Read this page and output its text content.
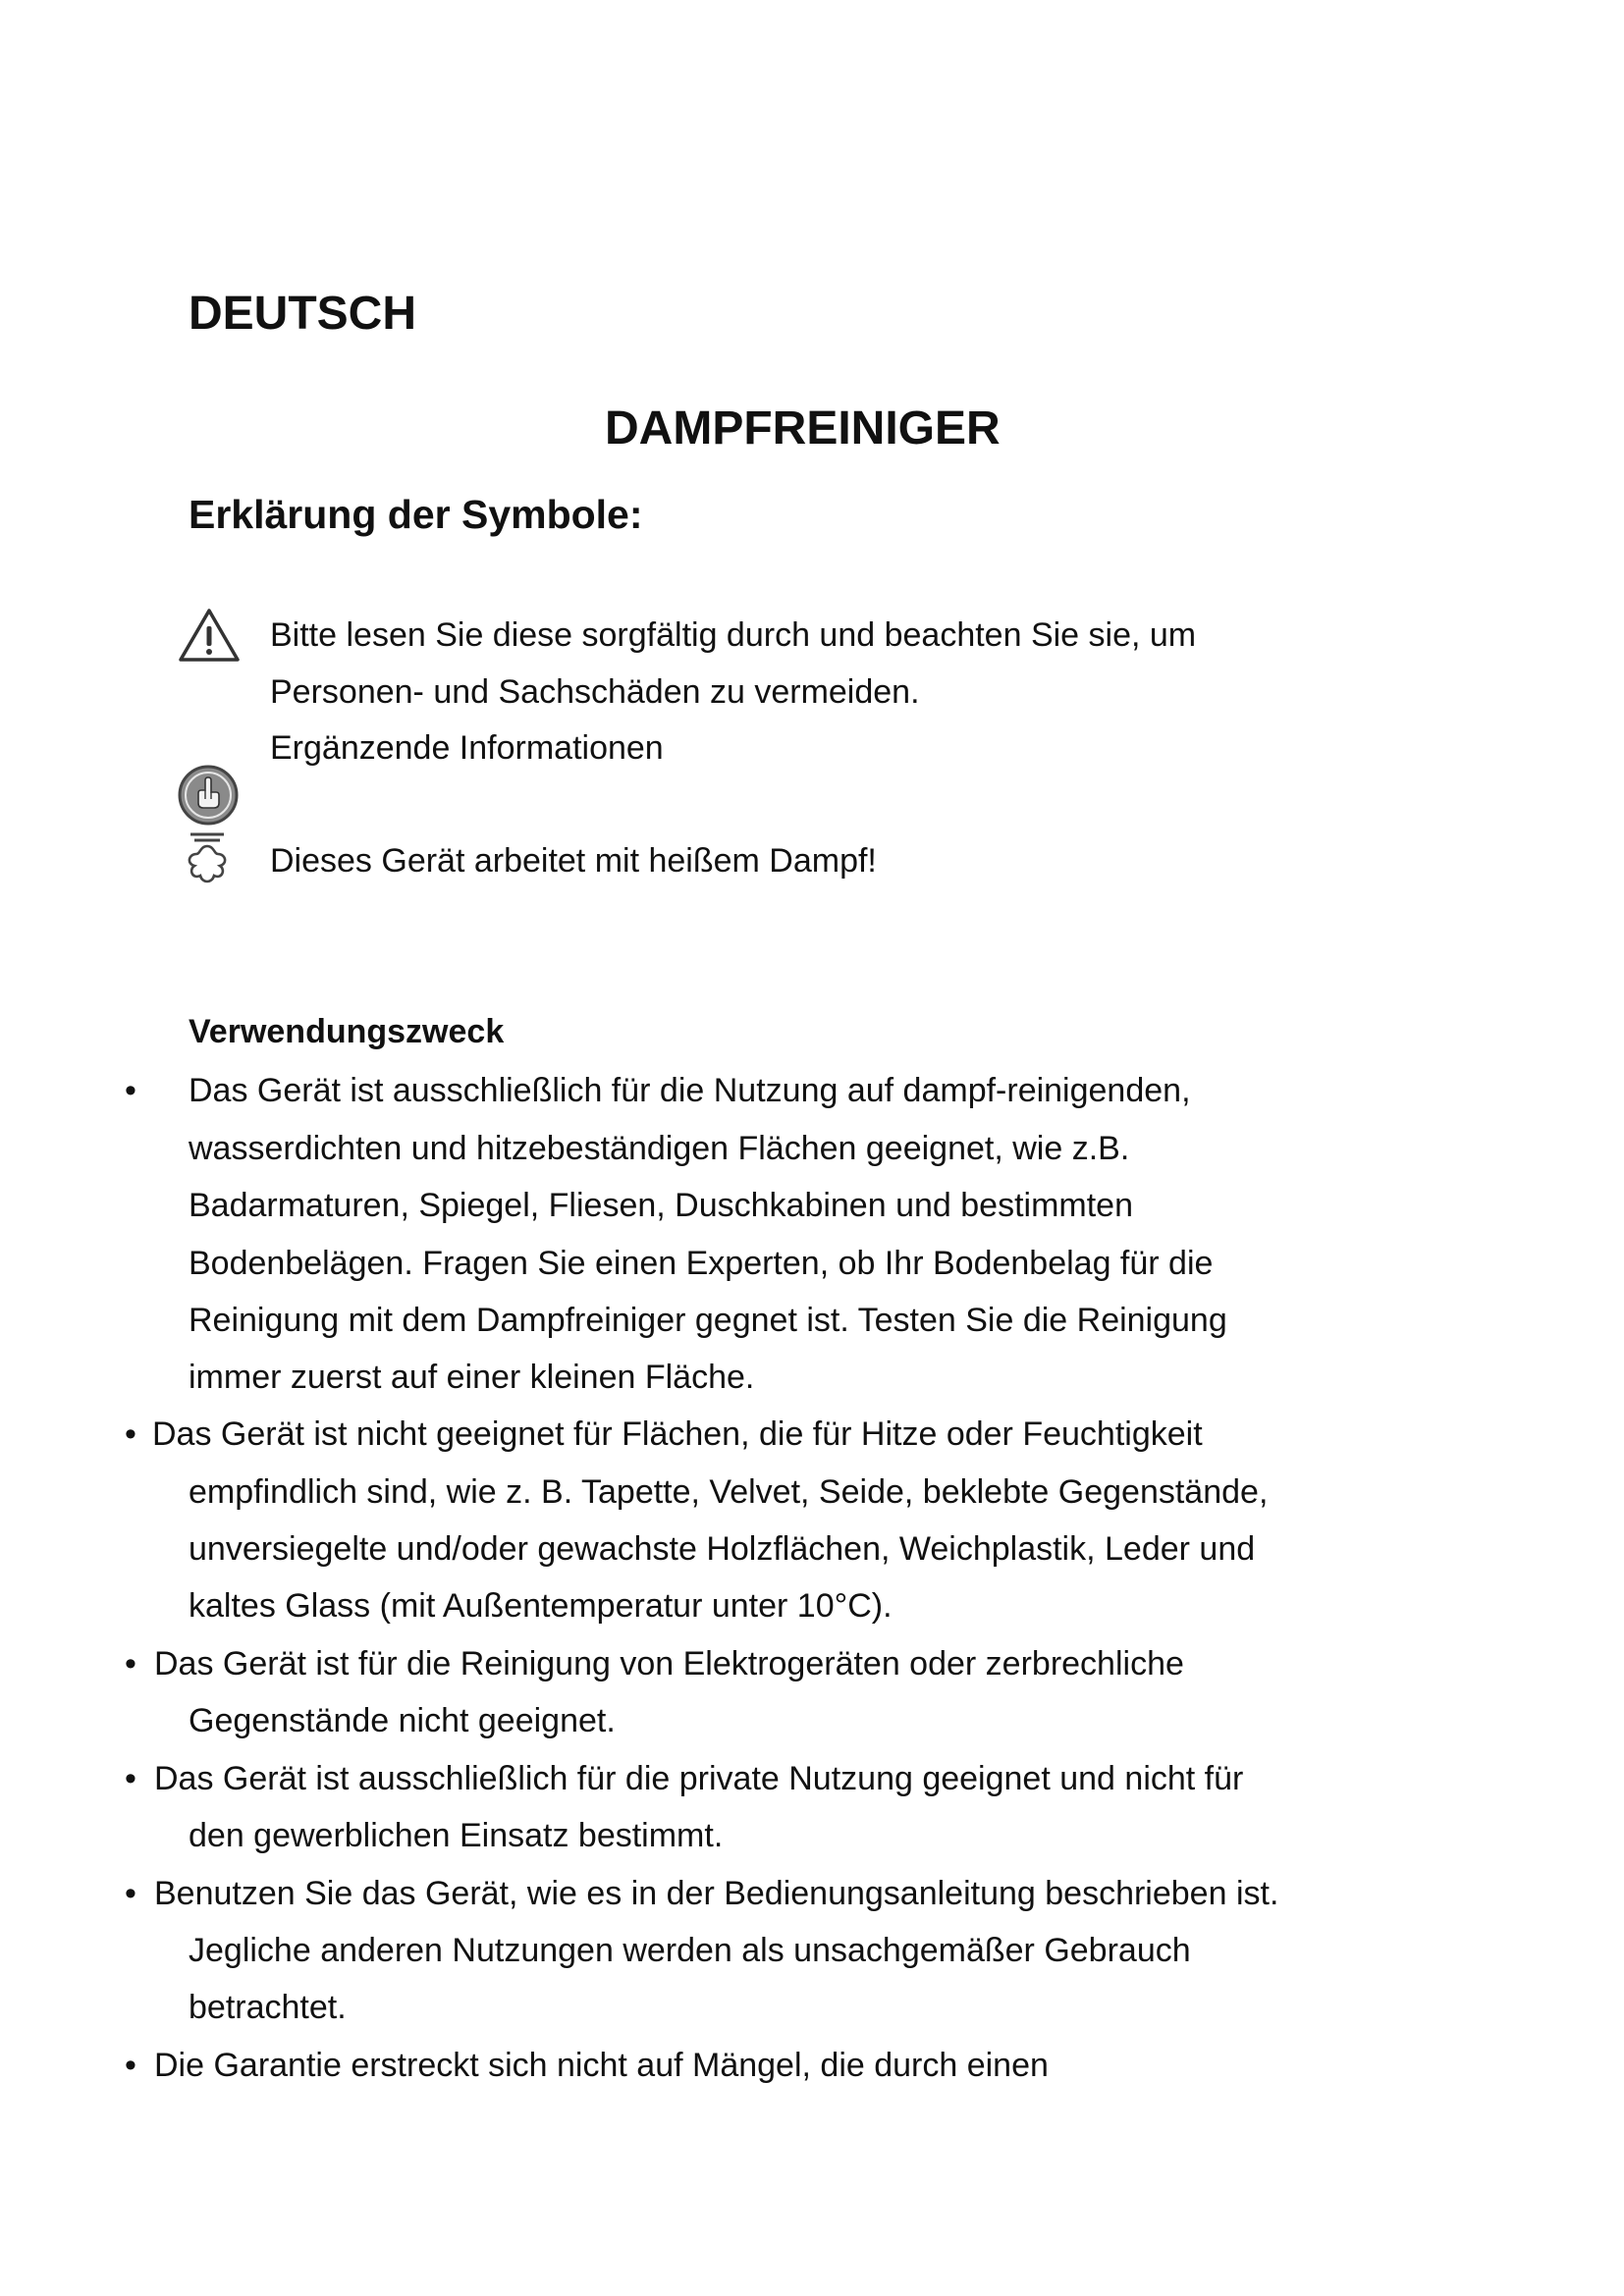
DEUTSCH
DAMPFREINIGER
Erklärung der Symbole:
Bitte lesen Sie diese sorgfältig durch und beachten Sie sie, um
Personen- und Sachschäden zu vermeiden.
Ergänzende Informationen
Dieses Gerät arbeitet mit heißem Dampf!
Verwendungszweck
• Das Gerät ist ausschließlich für die Nutzung auf dampf-reinigenden,
wasserdichten und hitzebeständigen Flächen geeignet, wie z.B.
Badarmaturen, Spiegel, Fliesen, Duschkabinen und bestimmten
Bodenbelägen. Fragen Sie einen Experten, ob Ihr Bodenbelag für die
Reinigung mit dem Dampfreiniger gegnet ist. Testen Sie die Reinigung
immer zuerst auf einer kleinen Fläche.
• Das Gerät ist nicht geeignet für Flächen, die für Hitze oder Feuchtigkeit
empfindlich sind, wie z. B. Tapette, Velvet, Seide, beklebte Gegenstände,
unversiegelte und/oder gewachste Holzflächen, Weichplastik, Leder und
kaltes Glass (mit Außentemperatur unter 10°C).
• Das Gerät ist für die Reinigung von Elektrogeräten oder zerbrechliche
Gegenstände nicht geeignet.
• Das Gerät ist ausschließlich für die private Nutzung geeignet und nicht für
den gewerblichen Einsatz bestimmt.
• Benutzen Sie das Gerät, wie es in der Bedienungsanleitung beschrieben ist.
Jegliche anderen Nutzungen werden als unsachgemäßer Gebrauch
betrachtet.
• Die Garantie erstreckt sich nicht auf Mängel, die durch einen
